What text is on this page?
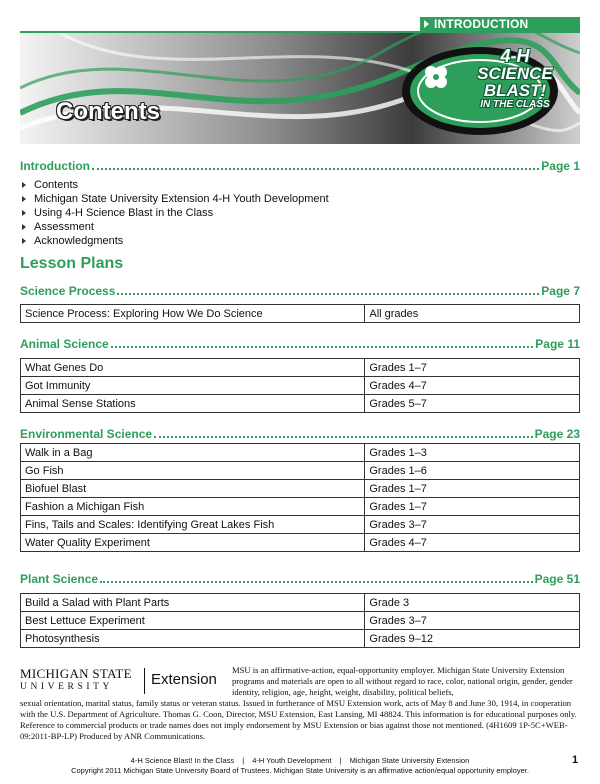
INTRODUCTION
4-H
SCIENCE
BLAST!
IN THE CLASS
Contents
Introduction	Page 1
Contents
Michigan State University Extension 4-H Youth Development
Using 4-H Science Blast in the Class
Assessment
Acknowledgments
Lesson Plans
Science Process	Page 7
Science Process: Exploring How We Do Science	All grades
Animal Science	Page 11
What Genes Do	Grades 1–7
Got Immunity	Grades 4–7
Animal Sense Stations	Grades 5–7
Environmental Science	Page 23
Walk in a Bag	Grades 1–3
Go Fish	Grades 1–6
Biofuel Blast	Grades 1–7
Fashion a Michigan Fish	Grades 1–7
Fins, Tails and Scales: Identifying Great Lakes Fish	Grades 3–7
Water Quality Experiment	Grades 4–7
Plant Science	Page 51
Build a Salad with Plant Parts	Grade 3
Best Lettuce Experiment	Grades 3–7
Photosynthesis	Grades 9–12
MICHIGAN STATE
UNIVERSITY	Extension
MSU is an affirmative-action, equal-opportunity employer. Michigan State University Extension programs and materials are open to all without regard to race, color, national origin, gender, gender identity, religion, age, height, weight, disability, political beliefs,
sexual orientation, marital status, family status or veteran status. Issued in furtherance of MSU Extension work, acts of May 8 and June 30, 1914, in cooperation with the U.S. Department of Agriculture. Thomas G. Coon, Director, MSU Extension, East Lansing, MI 48824. This information is for educational purposes only. Reference to commercial products or trade names does not imply endorsement by MSU Extension or bias against those not mentioned. (4H1609 1P-5C+WEB-09:2011-BP-LP) Produced by ANR Communications.
4-H Science Blast! In the Class | 4-H Youth Development | Michigan State University Extension
Copyright 2011 Michigan State University Board of Trustees. Michigan State University is an affirmative action/equal opportunity employer.
1
